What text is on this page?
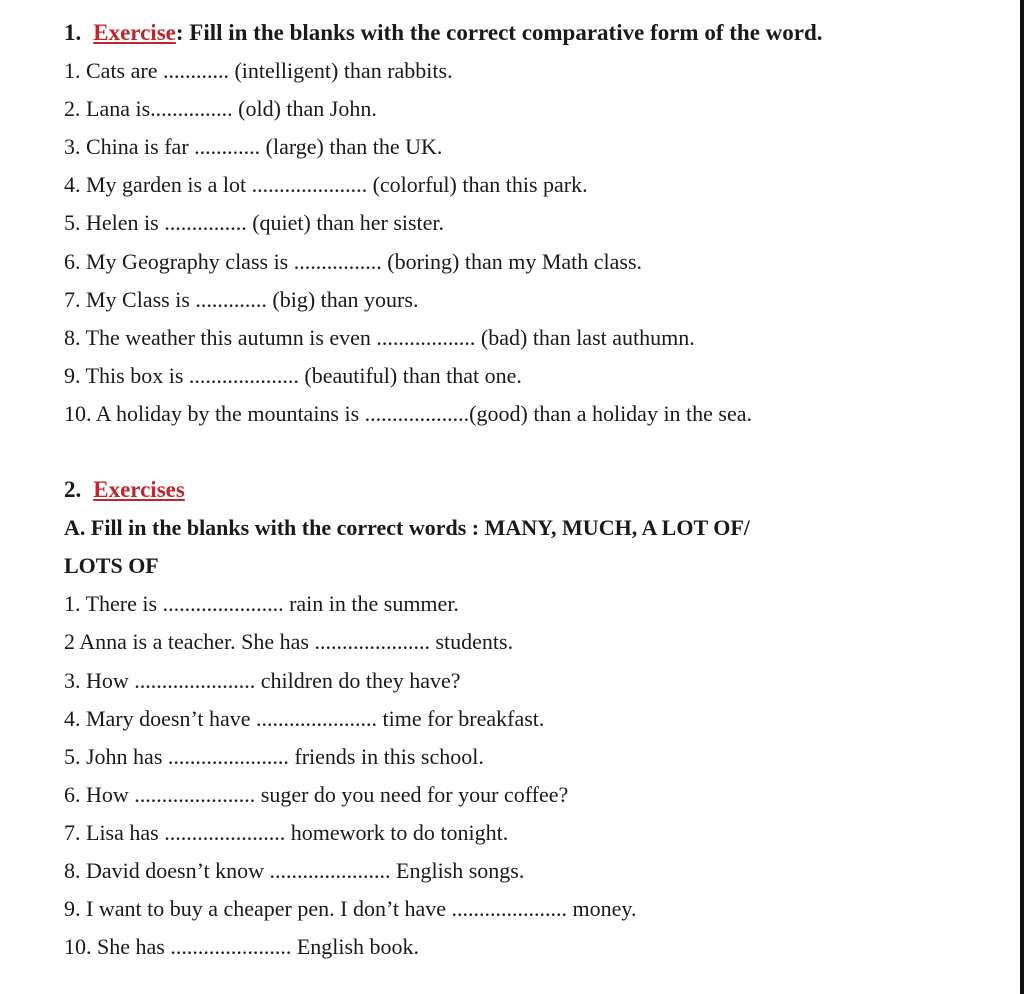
1. Exercise: Fill in the blanks with the correct comparative form of the word.
1. Cats are ............ (intelligent) than rabbits.
2. Lana is............... (old) than John.
3. China is far ............ (large) than the UK.
4. My garden is a lot ..................... (colorful) than this park.
5. Helen is ............... (quiet) than her sister.
6. My Geography class is ................ (boring) than my Math class.
7. My Class is ............. (big) than yours.
8. The weather this autumn is even .................. (bad) than last authumn.
9. This box is .................... (beautiful) than that one.
10. A holiday by the mountains is ...................(good) than a holiday in the sea.
2. Exercises
A. Fill in the blanks with the correct words : MANY, MUCH, A LOT OF/
LOTS OF
1. There is ...................... rain in the summer.
2 Anna is a teacher. She has ..................... students.
3. How ...................... children do they have?
4. Mary doesn’t have ...................... time for breakfast.
5. John has ...................... friends in this school.
6. How ...................... suger do you need for your coffee?
7. Lisa has ...................... homework to do tonight.
8. David doesn’t know ...................... English songs.
9. I want to buy a cheaper pen. I don’t have ..................... money.
10. She has ...................... English book.
